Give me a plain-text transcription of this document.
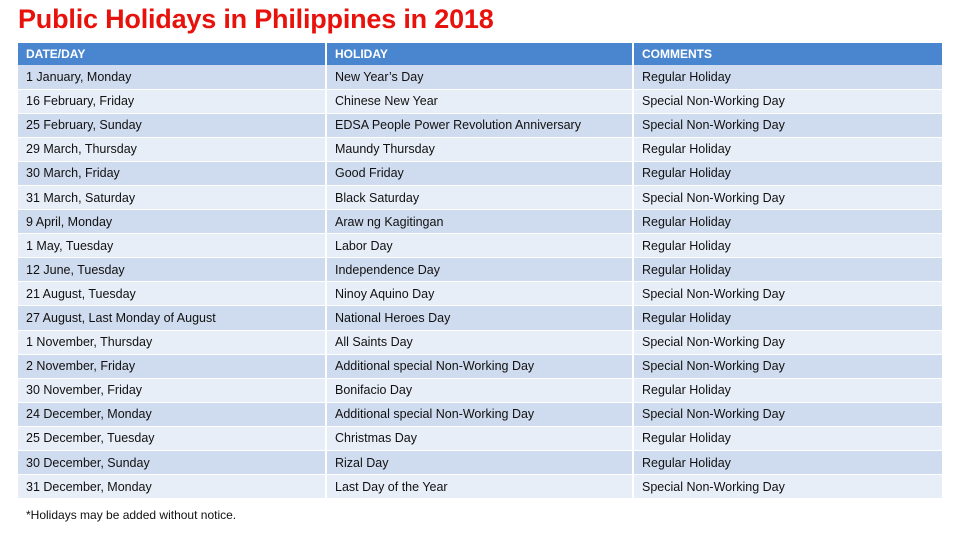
Public Holidays in Philippines in 2018
DATE/DAY	HOLIDAY	COMMENTS
1 January, Monday	New Year’s Day	Regular Holiday
16 February, Friday	Chinese New Year	Special Non-Working Day
25 February, Sunday	EDSA People Power Revolution Anniversary	Special Non-Working Day
29 March, Thursday	Maundy Thursday	Regular Holiday
30 March, Friday	Good Friday	Regular Holiday
31 March, Saturday	Black Saturday	Special Non-Working Day
9 April, Monday	Araw ng Kagitingan	Regular Holiday
1 May, Tuesday	Labor Day	Regular Holiday
12 June, Tuesday	Independence Day	Regular Holiday
21 August, Tuesday	Ninoy Aquino Day	Special Non-Working Day
27 August, Last Monday of August	National Heroes Day	Regular Holiday
1 November, Thursday	All Saints Day	Special Non-Working Day
2 November, Friday	Additional special Non-Working Day	Special Non-Working Day
30 November, Friday	Bonifacio Day	Regular Holiday
24 December, Monday	Additional special Non-Working Day	Special Non-Working Day
25 December, Tuesday	Christmas Day	Regular Holiday
30 December, Sunday	Rizal Day	Regular Holiday
31 December, Monday	Last Day of the Year	Special Non-Working Day
*Holidays may be added without notice.
